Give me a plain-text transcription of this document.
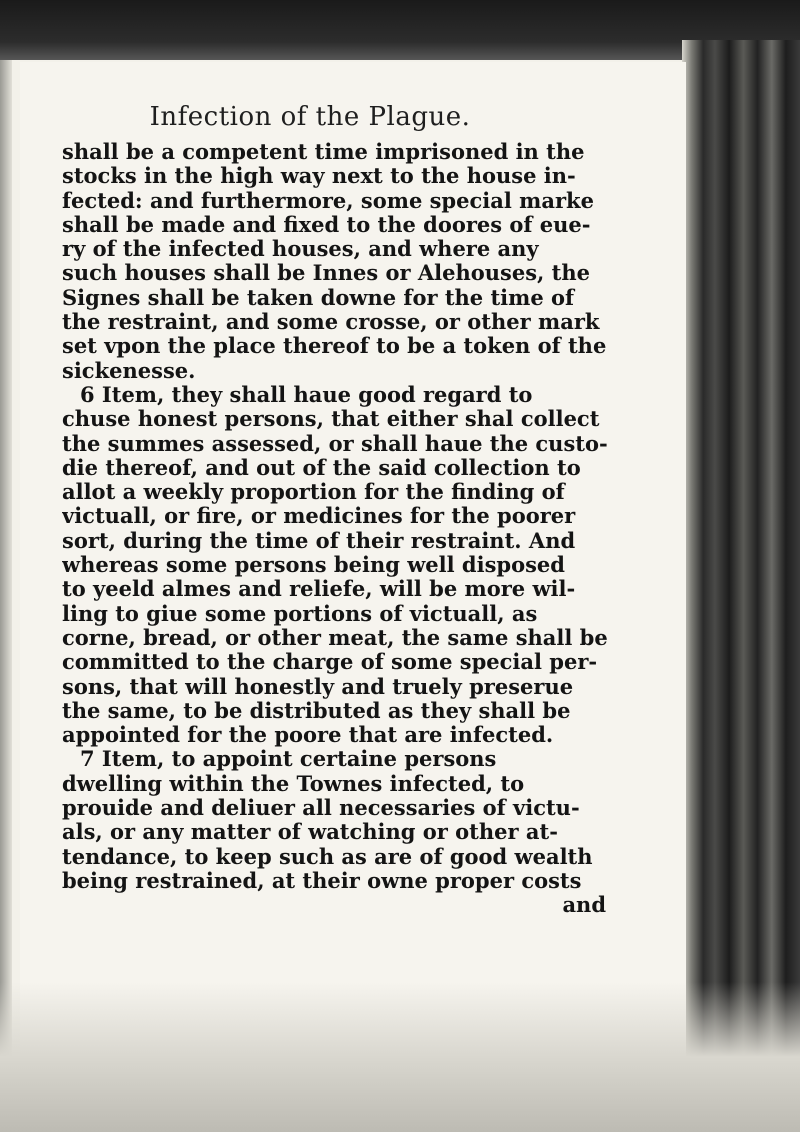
Infection of the Plague.
shall be a competent time imprisoned in the
stocks in the high way next to the house in-
fected: and furthermore, some special marke
shall be made and fixed to the doores of eue-
ry of the infected houses, and where any
such houses shall be Innes or Alehouses, the
Signes shall be taken downe for the time of
the restraint, and some crosse, or other mark
set vpon the place thereof to be a token of the
sickenesse.
6 Item, they shall haue good regard to
chuse honest persons, that either shal collect
the summes assessed, or shall haue the custo-
die thereof, and out of the said collection to
allot a weekly proportion for the finding of
victuall, or fire, or medicines for the poorer
sort, during the time of their restraint. And
whereas some persons being well disposed
to yeeld almes and reliefe, will be more wil-
ling to giue some portions of victuall, as
corne, bread, or other meat, the same shall be
committed to the charge of some special per-
sons, that will honestly and truely preserue
the same, to be distributed as they shall be
appointed for the poore that are infected.
7 Item, to appoint certaine persons
dwelling within the Townes infected, to
prouide and deliuer all necessaries of victu-
als, or any matter of watching or other at-
tendance, to keep such as are of good wealth
being restrained, at their owne proper costs
and
